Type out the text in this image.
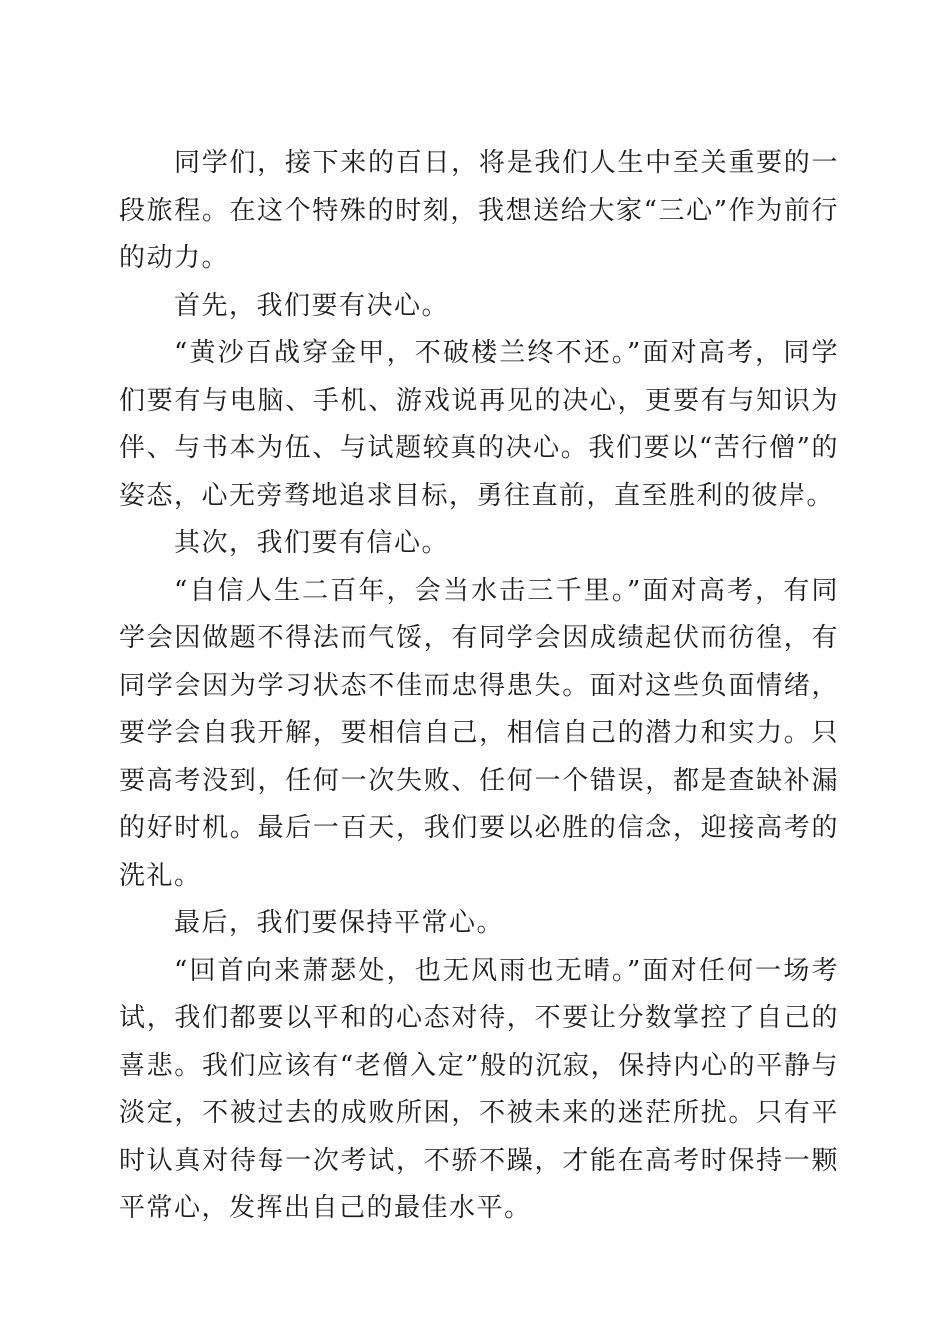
同学们，接下来的百日，将是我们人生中至关重要的一段旅程。在这个特殊的时刻，我想送给大家“三心”作为前行的动力。

首先，我们要有决心。

“黄沙百战穿金甲，不破楼兰终不还。”面对高考，同学们要有与电脑、手机、游戏说再见的决心，更要有与知识为伴、与书本为伍、与试题较真的决心。我们要以“苦行僧”的姿态，心无旁骛地追求目标，勇往直前，直至胜利的彼岸。

其次，我们要有信心。

“自信人生二百年，会当水击三千里。”面对高考，有同学会因做题不得法而气馁，有同学会因成绩起伏而彷徨，有同学会因为学习状态不佳而忠得患失。面对这些负面情绪，要学会自我开解，要相信自己，相信自己的潜力和实力。只要高考没到，任何一次失败、任何一个错误，都是查缺补漏的好时机。最后一百天，我们要以必胜的信念，迎接高考的洗礼。

最后，我们要保持平常心。

“回首向来萧瑟处，也无风雨也无晴。”面对任何一场考试，我们都要以平和的心态对待，不要让分数掌控了自己的喜悲。我们应该有“老僧入定”般的沉寂，保持内心的平静与淡定，不被过去的成败所困，不被未来的迷茫所扰。只有平时认真对待每一次考试，不骄不躁，才能在高考时保持一颗平常心，发挥出自己的最佳水平。
